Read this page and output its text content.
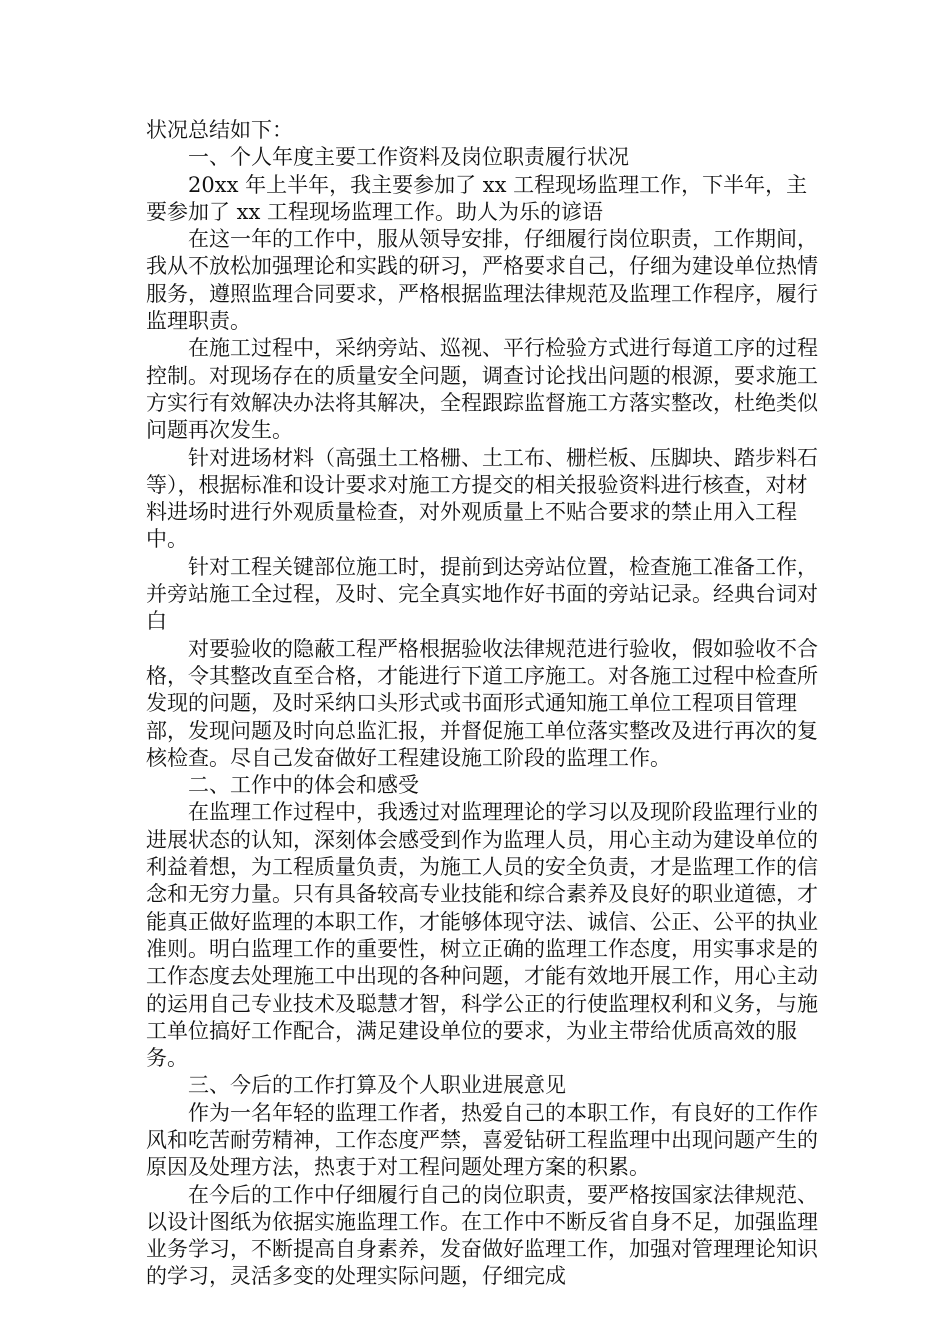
状况总结如下：

一、个人年度主要工作资料及岗位职责履行状况

20xx 年上半年，我主要参加了 xx 工程现场监理工作，下半年，主要参加了 xx 工程现场监理工作。助人为乐的谚语

在这一年的工作中，服从领导安排，仔细履行岗位职责，工作期间，我从不放松加强理论和实践的研习，严格要求自己，仔细为建设单位热情服务，遵照监理合同要求，严格根据监理法律规范及监理工作程序，履行监理职责。

在施工过程中，采纳旁站、巡视、平行检验方式进行每道工序的过程控制。对现场存在的质量安全问题，调查讨论找出问题的根源，要求施工方实行有效解决办法将其解决，全程跟踪监督施工方落实整改，杜绝类似问题再次发生。

针对进场材料（高强土工格栅、土工布、栅栏板、压脚块、踏步料石等），根据标准和设计要求对施工方提交的相关报验资料进行核查，对材料进场时进行外观质量检查，对外观质量上不贴合要求的禁止用入工程中。

针对工程关键部位施工时，提前到达旁站位置，检查施工准备工作，并旁站施工全过程，及时、完全真实地作好书面的旁站记录。经典台词对白

对要验收的隐蔽工程严格根据验收法律规范进行验收，假如验收不合格，令其整改直至合格，才能进行下道工序施工。对各施工过程中检查所发现的问题，及时采纳口头形式或书面形式通知施工单位工程项目管理部，发现问题及时向总监汇报，并督促施工单位落实整改及进行再次的复核检查。尽自己发奋做好工程建设施工阶段的监理工作。

二、工作中的体会和感受

在监理工作过程中，我透过对监理理论的学习以及现阶段监理行业的进展状态的认知，深刻体会感受到作为监理人员，用心主动为建设单位的利益着想，为工程质量负责，为施工人员的安全负责，才是监理工作的信念和无穷力量。只有具备较高专业技能和综合素养及良好的职业道德，才能真正做好监理的本职工作，才能够体现守法、诚信、公正、公平的执业准则。明白监理工作的重要性，树立正确的监理工作态度，用实事求是的工作态度去处理施工中出现的各种问题，才能有效地开展工作，用心主动的运用自己专业技术及聪慧才智，科学公正的行使监理权利和义务，与施工单位搞好工作配合，满足建设单位的要求，为业主带给优质高效的服务。

三、今后的工作打算及个人职业进展意见

作为一名年轻的监理工作者，热爱自己的本职工作，有良好的工作作风和吃苦耐劳精神，工作态度严禁，喜爱钻研工程监理中出现问题产生的原因及处理方法，热衷于对工程问题处理方案的积累。

在今后的工作中仔细履行自己的岗位职责，要严格按国家法律规范、以设计图纸为依据实施监理工作。在工作中不断反省自身不足，加强监理业务学习，不断提高自身素养，发奋做好监理工作，加强对管理理论知识的学习，灵活多变的处理实际问题，仔细完成
